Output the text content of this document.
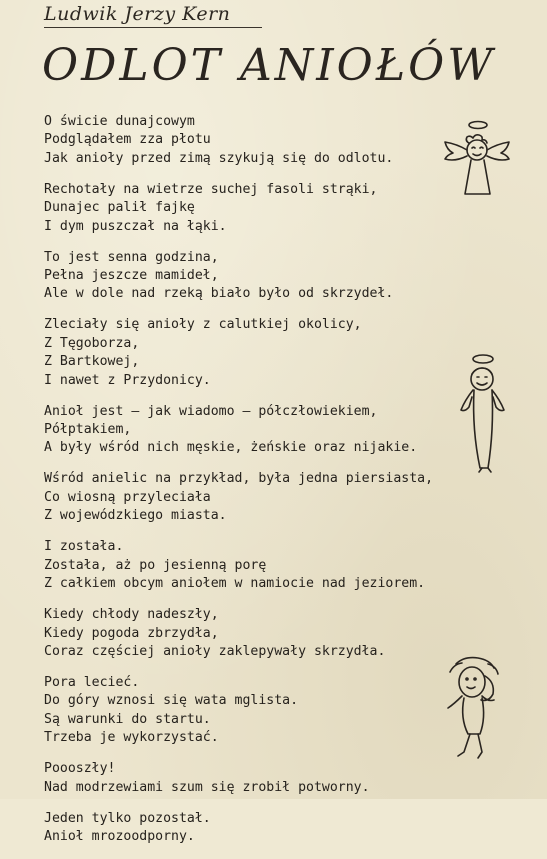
Ludwik Jerzy Kern
ODLOT ANIOŁÓW
O świcie dunajcowym
Podglądałem zza płotu
Jak anioły przed zimą szykują się do odlotu.
Rechotały na wietrze suchej fasoli strąki,
Dunajec palił fajkę
I dym puszczał na łąki.
To jest senna godzina,
Pełna jeszcze mamideł,
Ale w dole nad rzeką biało było od skrzydeł.
Zleciały się anioły z calutkiej okolicy,
Z Tęgoborza,
Z Bartkowej,
I nawet z Przydonicy.
Anioł jest — jak wiadomo — półczłowiekiem,
Półptakiem,
A były wśród nich męskie, żeńskie oraz nijakie.
Wśród anielic na przykład, była jedna piersiasta,
Co wiosną przyleciała
Z wojewódzkiego miasta.
I została.
Została, aż po jesienną porę
Z całkiem obcym aniołem w namiocie nad jeziorem.
Kiedy chłody nadeszły,
Kiedy pogoda zbrzydła,
Coraz częściej anioły zaklepywały skrzydła.
Pora lecieć.
Do góry wznosi się wata mglista.
Są warunki do startu.
Trzeba je wykorzystać.
Poooszły!
Nad modrzewiami szum się zrobił potworny.
Jeden tylko pozostał.
Anioł mrozoodporny.
